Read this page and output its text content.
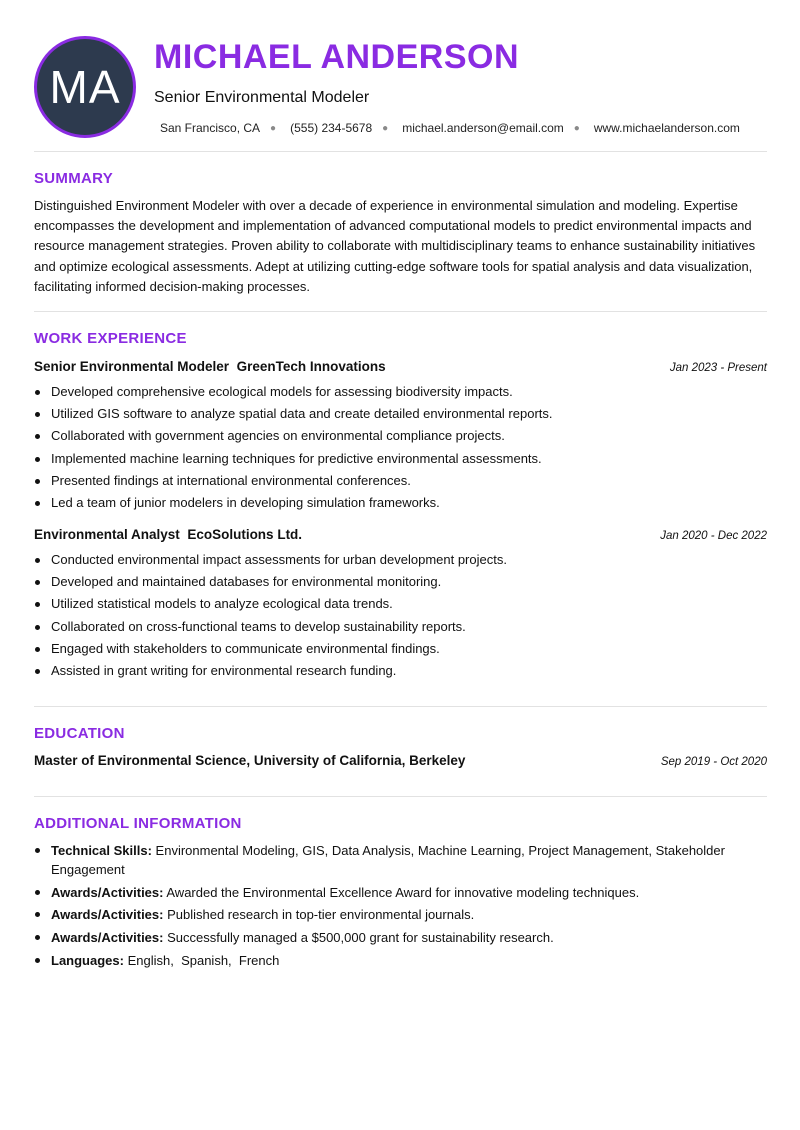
MA
MICHAEL ANDERSON
Senior Environmental Modeler
San Francisco, CA ● (555) 234-5678 ● michael.anderson@email.com ● www.michaelanderson.com
SUMMARY

Distinguished Environment Modeler with over a decade of experience in environmental simulation and modeling. Expertise encompasses the development and implementation of advanced computational models to predict environmental impacts and resource management strategies. Proven ability to collaborate with multidisciplinary teams to enhance sustainability initiatives and optimize ecological assessments. Adept at utilizing cutting-edge software tools for spatial analysis and data visualization, facilitating informed decision-making processes.

WORK EXPERIENCE
Senior Environmental Modeler GreenTech Innovations	Jan 2023 - Present
Developed comprehensive ecological models for assessing biodiversity impacts.
Utilized GIS software to analyze spatial data and create detailed environmental reports.
Collaborated with government agencies on environmental compliance projects.
Implemented machine learning techniques for predictive environmental assessments.
Presented findings at international environmental conferences.
Led a team of junior modelers in developing simulation frameworks.
Environmental Analyst EcoSolutions Ltd.	Jan 2020 - Dec 2022
Conducted environmental impact assessments for urban development projects.
Developed and maintained databases for environmental monitoring.
Utilized statistical models to analyze ecological data trends.
Collaborated on cross-functional teams to develop sustainability reports.
Engaged with stakeholders to communicate environmental findings.
Assisted in grant writing for environmental research funding.
EDUCATION
Master of Environmental Science, University of California, Berkeley	Sep 2019 - Oct 2020
ADDITIONAL INFORMATION
Technical Skills: Environmental Modeling, GIS, Data Analysis, Machine Learning, Project Management, Stakeholder Engagement
Awards/Activities: Awarded the Environmental Excellence Award for innovative modeling techniques.
Awards/Activities: Published research in top-tier environmental journals.
Awards/Activities: Successfully managed a $500,000 grant for sustainability research.
Languages: English,  Spanish,  French
